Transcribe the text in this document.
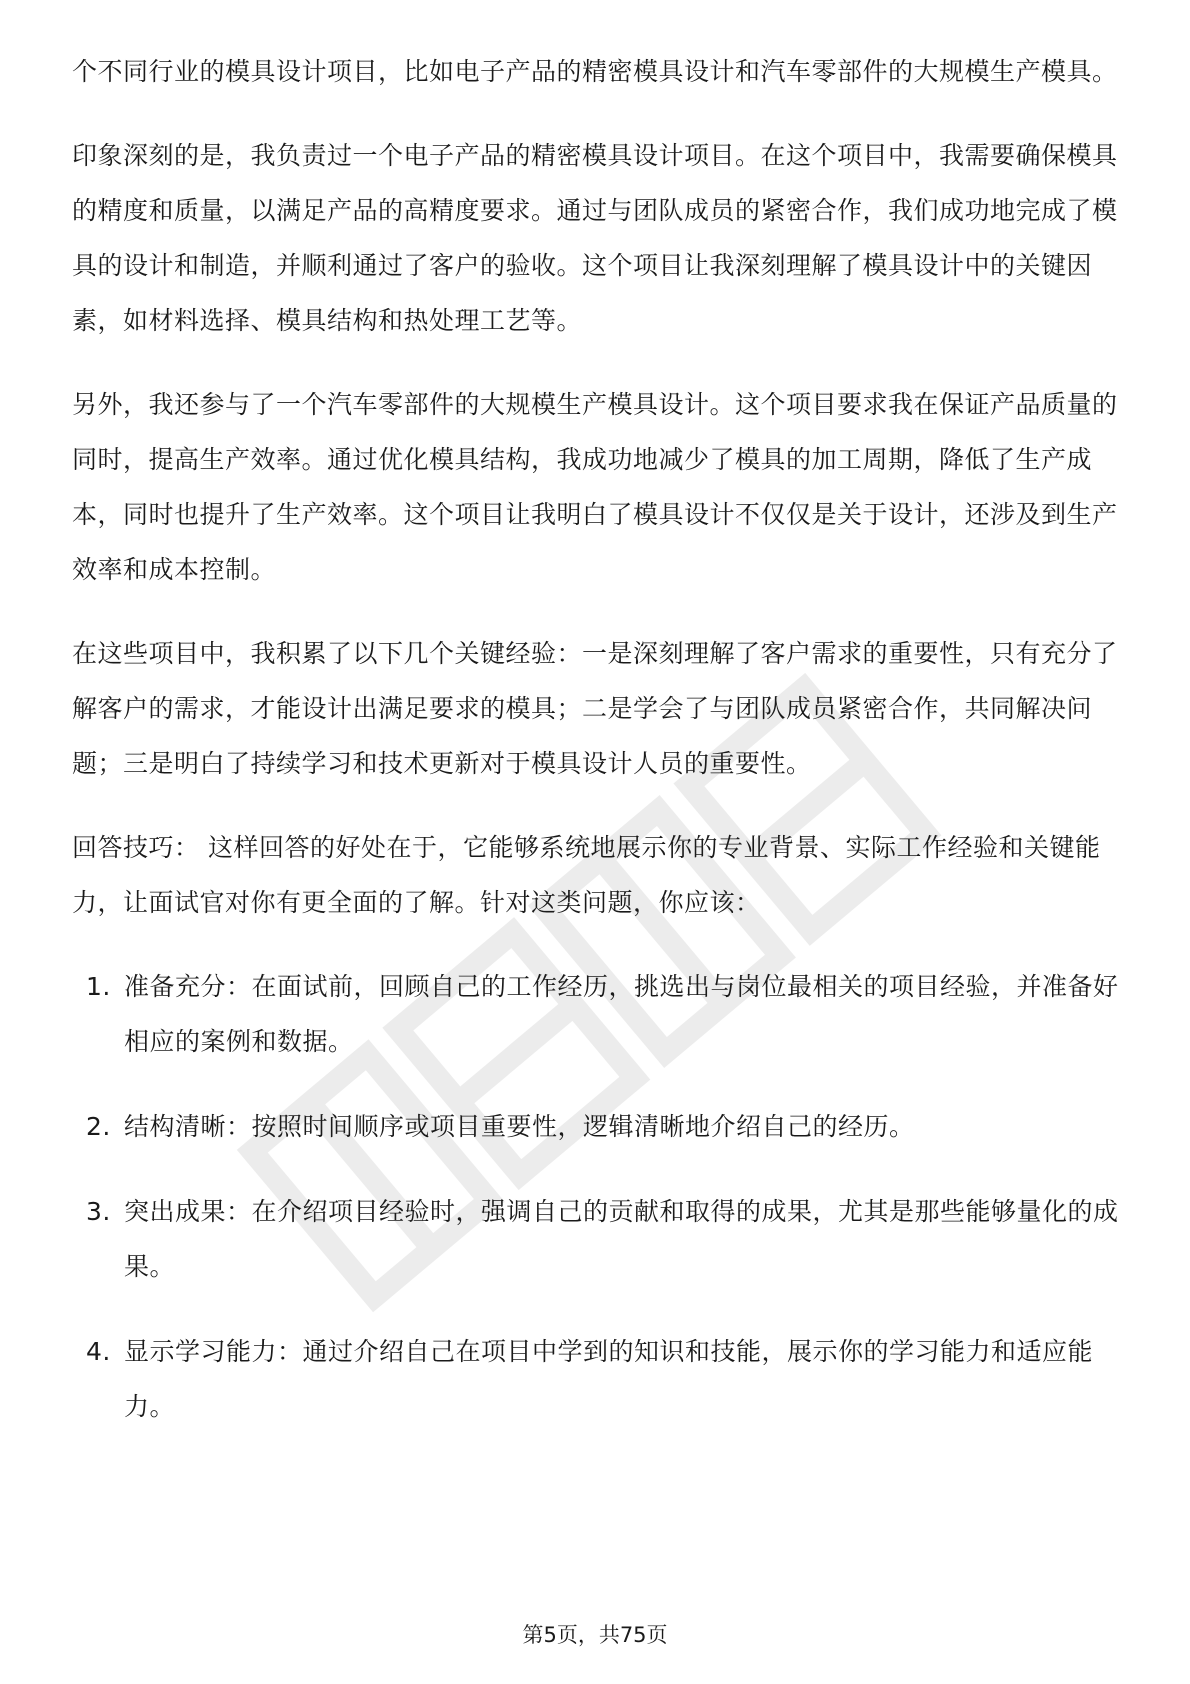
个不同行业的模具设计项目，比如电子产品的精密模具设计和汽车零部件的大规模生产模具。

印象深刻的是，我负责过一个电子产品的精密模具设计项目。在这个项目中，我需要确保模具的精度和质量，以满足产品的高精度要求。通过与团队成员的紧密合作，我们成功地完成了模具的设计和制造，并顺利通过了客户的验收。这个项目让我深刻理解了模具设计中的关键因素，如材料选择、模具结构和热处理工艺等。

另外，我还参与了一个汽车零部件的大规模生产模具设计。这个项目要求我在保证产品质量的同时，提高生产效率。通过优化模具结构，我成功地减少了模具的加工周期，降低了生产成本，同时也提升了生产效率。这个项目让我明白了模具设计不仅仅是关于设计，还涉及到生产效率和成本控制。

在这些项目中，我积累了以下几个关键经验：一是深刻理解了客户需求的重要性，只有充分了解客户的需求，才能设计出满足要求的模具；二是学会了与团队成员紧密合作，共同解决问题；三是明白了持续学习和技术更新对于模具设计人员的重要性。

回答技巧： 这样回答的好处在于，它能够系统地展示你的专业背景、实际工作经验和关键能力，让面试官对你有更全面的了解。针对这类问题，你应该：

1. 准备充分：在面试前，回顾自己的工作经历，挑选出与岗位最相关的项目经验，并准备好相应的案例和数据。
2. 结构清晰：按照时间顺序或项目重要性，逻辑清晰地介绍自己的经历。
3. 突出成果：在介绍项目经验时，强调自己的贡献和取得的成果，尤其是那些能够量化的成果。
4. 显示学习能力：通过介绍自己在项目中学到的知识和技能，展示你的学习能力和适应能力。
第5页，共75页
